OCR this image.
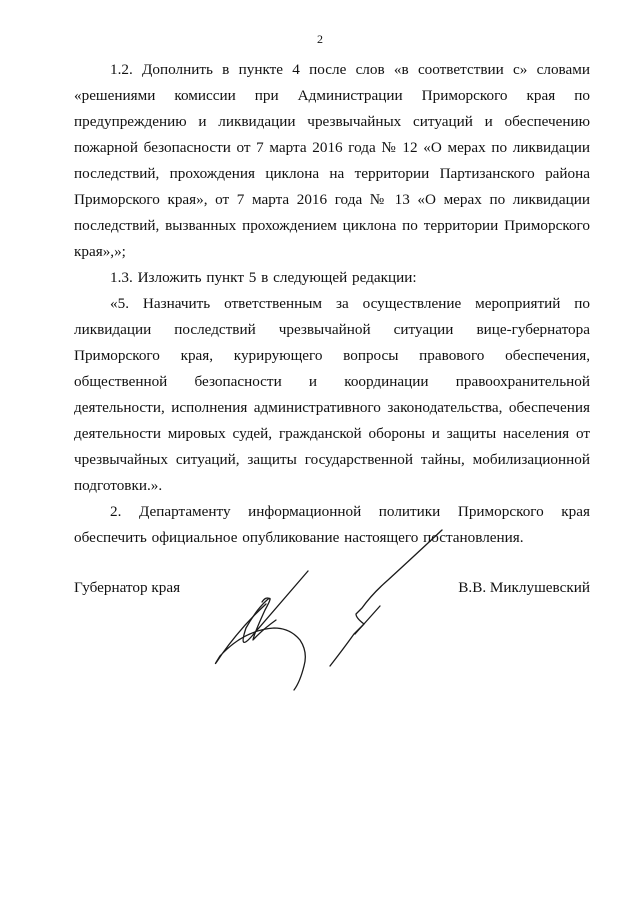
2

1.2. Дополнить в пункте 4 после слов «в соответствии с» словами «решениями комиссии при Администрации Приморского края по предупреждению и ликвидации чрезвычайных ситуаций и обеспечению пожарной безопасности от 7 марта 2016 года № 12 «О мерах по ликвидации последствий, прохождения циклона на территории Партизанского района Приморского края», от 7 марта 2016 года № 13 «О мерах по ликвидации последствий, вызванных прохождением циклона по территории Приморского края»,»;

1.3. Изложить пункт 5 в следующей редакции:

«5. Назначить ответственным за осуществление мероприятий по ликвидации последствий чрезвычайной ситуации вице-губернатора Приморского края, курирующего вопросы правового обеспечения, общественной безопасности и координации правоохранительной деятельности, исполнения административного законодательства, обеспечения деятельности мировых судей, гражданской обороны и защиты населения от чрезвычайных ситуаций, защиты государственной тайны, мобилизационной подготовки.».

2. Департаменту информационной политики Приморского края обеспечить официальное опубликование настоящего постановления.

Губернатор края	В.В. Миклушевский
